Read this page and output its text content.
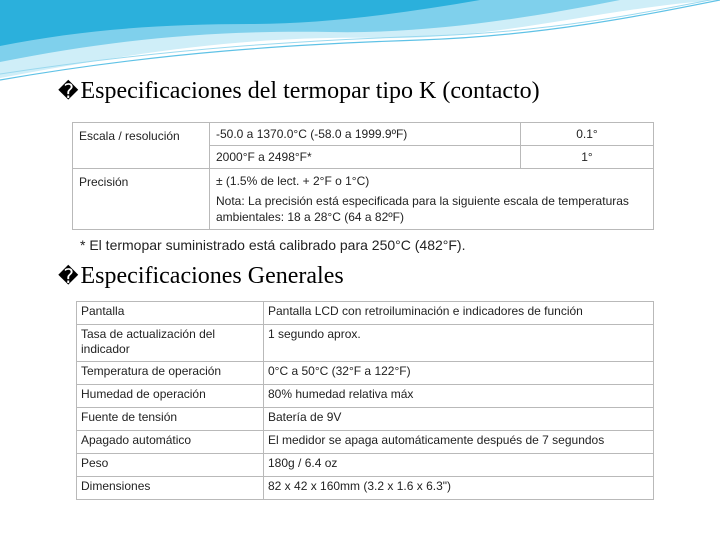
�Especificaciones del termopar tipo K (contacto)
Escala / resolución	-50.0 a 1370.0°C (-58.0 a 1999.9ºF)	0.1°
	2000°F a 2498°F*	1°
Precisión	± (1.5% de lect. + 2°F o 1°C)
Nota: La precisión está especificada para la siguiente escala de temperaturas ambientales: 18 a 28°C (64 a 82ºF)	
* El termopar suministrado está calibrado para 250°C (482°F).
�Especificaciones Generales
Pantalla	Pantalla LCD con retroiluminación e indicadores de función
Tasa de actualización del indicador	1 segundo aprox.
Temperatura de operación	0°C a 50°C (32°F a 122°F)
Humedad de operación	80% humedad relativa máx
Fuente de tensión	Batería de 9V
Apagado automático	El medidor se apaga automáticamente después de 7 segundos
Peso	180g / 6.4 oz
Dimensiones	82 x 42 x 160mm (3.2 x 1.6 x 6.3")
